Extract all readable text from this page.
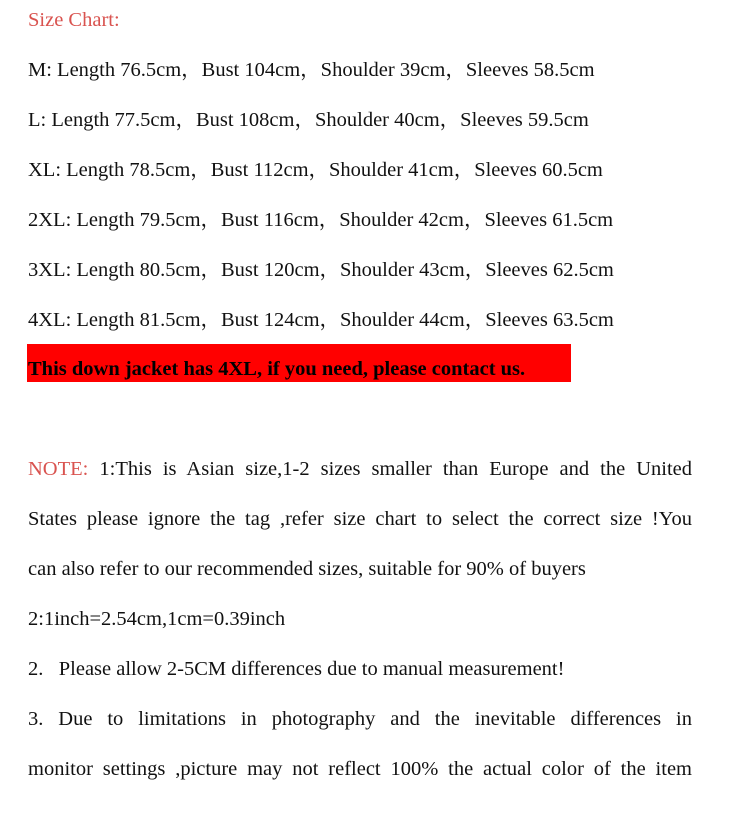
Size Chart:
M: Length 76.5cm，Bust 104cm，Shoulder 39cm，Sleeves 58.5cm
L: Length 77.5cm，Bust 108cm，Shoulder 40cm，Sleeves 59.5cm
XL: Length 78.5cm，Bust 112cm，Shoulder 41cm，Sleeves 60.5cm
2XL: Length 79.5cm，Bust 116cm，Shoulder 42cm，Sleeves 61.5cm
3XL: Length 80.5cm，Bust 120cm，Shoulder 43cm，Sleeves 62.5cm
4XL: Length 81.5cm，Bust 124cm，Shoulder 44cm，Sleeves 63.5cm
This down jacket has 4XL, if you need, please contact us.
NOTE: 1:This is Asian size,1-2 sizes smaller than Europe and the United
States please ignore the tag ,refer size chart to select the correct size !You
can also refer to our recommended sizes, suitable for 90% of buyers
2:1inch=2.54cm,1cm=0.39inch
2.   Please allow 2-5CM differences due to manual measurement!
3. Due to limitations in photography and the inevitable differences in
monitor settings ,picture may not reflect 100% the actual color of the item
